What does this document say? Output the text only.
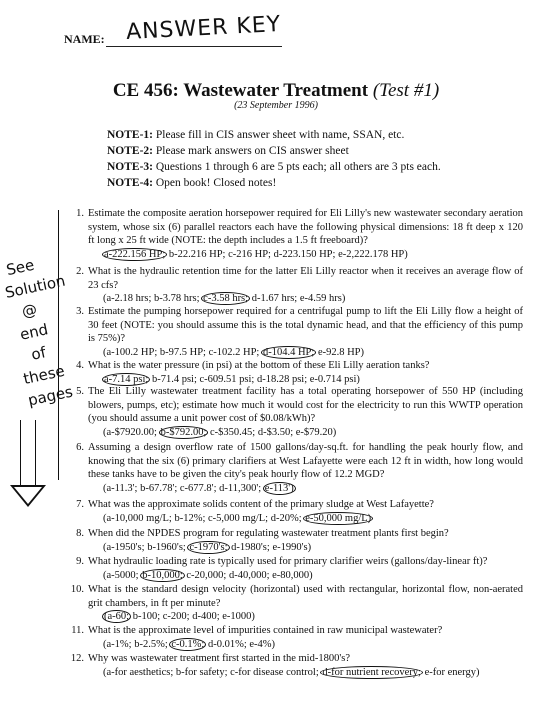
NAME: ANSWER KEY
CE 456: Wastewater Treatment (Test #1)
(23 September 1996)
NOTE-1: Please fill in CIS answer sheet with name, SSAN, etc.
NOTE-2: Please mark answers on CIS answer sheet
NOTE-3: Questions 1 through 6 are 5 pts each; all others are 3 pts each.
NOTE-4: Open book! Closed notes!
See Solution @ end of these pages
1. Estimate the composite aeration horsepower required for Eli Lilly's new wastewater secondary aeration system, whose six (6) parallel reactors each have the following physical dimensions: 18 ft deep x 120 ft long x 25 ft wide (NOTE: the depth includes a 1.5 ft freeboard)?
a-222.156 HP; b-22.216 HP; c-216 HP; d-223.150 HP; e-2,222.178 HP)
2. What is the hydraulic retention time for the latter Eli Lilly reactor when it receives an average flow of 23 cfs?
(a-2.18 hrs; b-3.78 hrs; c-3.58 hrs; d-1.67 hrs; e-4.59 hrs)
3. Estimate the pumping horsepower required for a centrifugal pump to lift the Eli Lilly flow a height of 30 feet (NOTE: you should assume this is the total dynamic head, and that the efficiency of this pump is 75%)?
(a-100.2 HP; b-97.5 HP; c-102.2 HP; d-104.4 HP; e-92.8 HP)
4. What is the water pressure (in psi) at the bottom of these Eli Lilly aeration tanks?
a-7.14 psi; b-71.4 psi; c-609.51 psi; d-18.28 psi; e-0.714 psi)
5. The Eli Lilly wastewater treatment facility has a total operating horsepower of 550 HP (including blowers, pumps, etc); estimate how much it would cost for the electricity to run this WWTP operation (you should assume a unit power cost of $0.08/kWh)?
(a-$7920.00; b-$792.00; c-$350.45; d-$3.50; e-$79.20)
6. Assuming a design overflow rate of 1500 gallons/day-sq.ft. for handling the peak hourly flow, and knowing that the six (6) primary clarifiers at West Lafayette were each 12 ft in width, how long would these tanks have to be given the city's peak hourly flow of 12.2 MGD?
(a-11.3'; b-67.78'; c-677.8'; d-11,300'; e-113')
7. What was the approximate solids content of the primary sludge at West Lafayette?
(a-10,000 mg/L; b-12%; c-5,000 mg/L; d-20%; e-50,000 mg/L)
8. When did the NPDES program for regulating wastewater treatment plants first begin?
(a-1950's; b-1960's; c-1970's; d-1980's; e-1990's)
9. What hydraulic loading rate is typically used for primary clarifier weirs (gallons/day-linear ft)?
(a-5000; b-10,000; c-20,000; d-40,000; e-80,000)
10. What is the standard design velocity (horizontal) used with rectangular, horizontal flow, non-aerated grit chambers, in ft per minute?
(a-60; b-100; c-200; d-400; e-1000)
11. What is the approximate level of impurities contained in raw municipal wastewater?
(a-1%; b-2.5%; c-0.1%; d-0.01%; e-4%)
12. Why was wastewater treatment first started in the mid-1800's?
(a-for aesthetics; b-for safety; c-for disease control; d-for nutrient recovery; e-for energy)
